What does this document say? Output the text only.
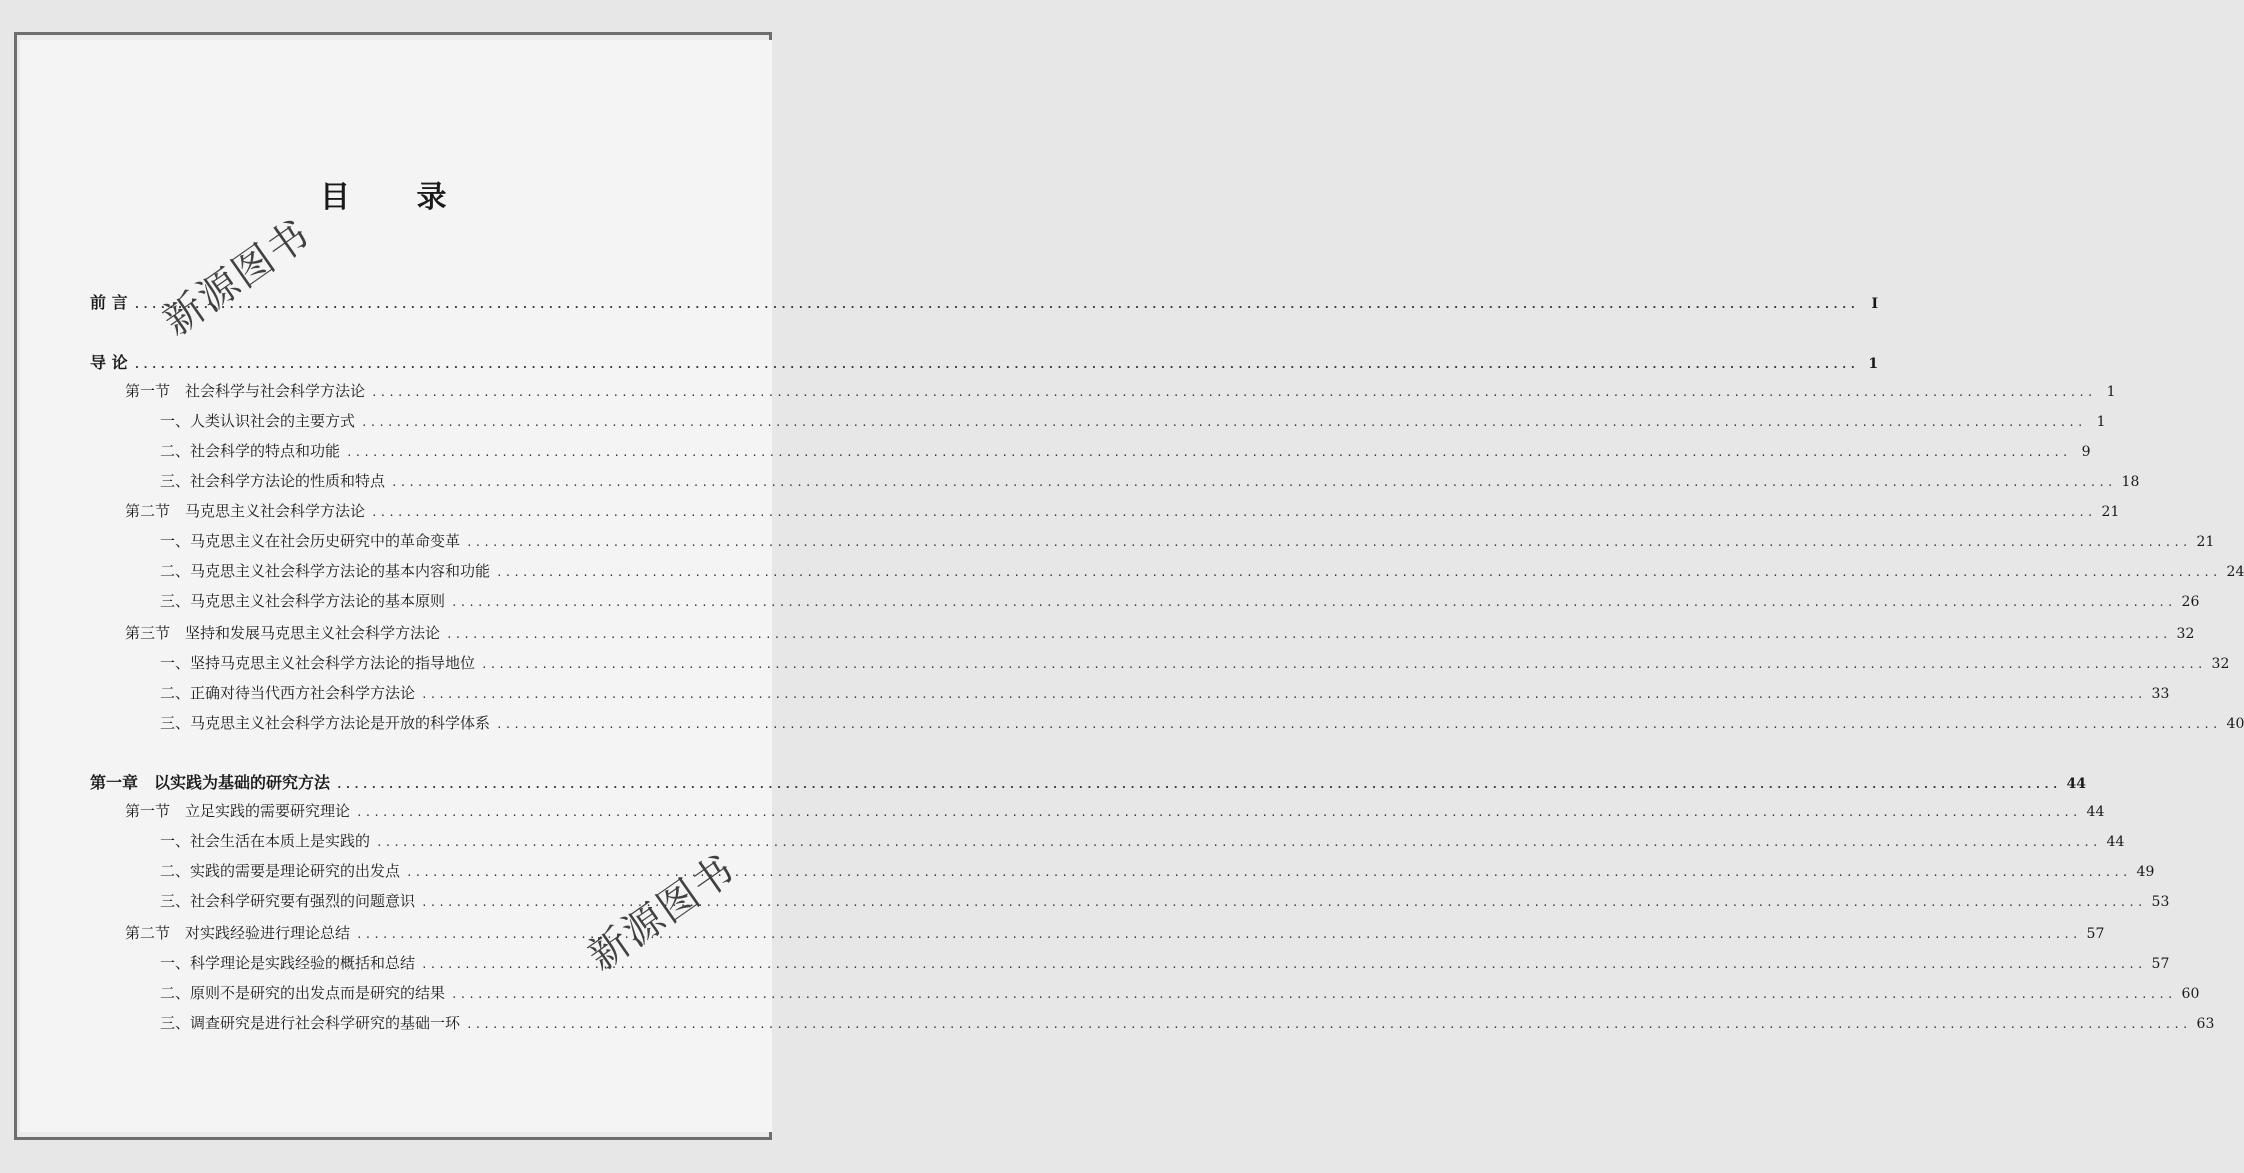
目 录
前 言 ........................................................................................................................................................................................................ Ⅰ
导 论 ........................................................................................................................................................................................................ 1
第一节　社会科学与社会科学方法论 ........................................................................................................................................................................................................ 1
一、人类认识社会的主要方式 ........................................................................................................................................................................................................ 1
二、社会科学的特点和功能 ........................................................................................................................................................................................................ 9
三、社会科学方法论的性质和特点 ........................................................................................................................................................................................................ 18
第二节　马克思主义社会科学方法论 ........................................................................................................................................................................................................ 21
一、马克思主义在社会历史研究中的革命变革 ........................................................................................................................................................................................................ 21
二、马克思主义社会科学方法论的基本内容和功能 ........................................................................................................................................................................................................ 24
三、马克思主义社会科学方法论的基本原则 ........................................................................................................................................................................................................ 26
第三节　坚持和发展马克思主义社会科学方法论 ........................................................................................................................................................................................................ 32
一、坚持马克思主义社会科学方法论的指导地位 ........................................................................................................................................................................................................ 32
二、正确对待当代西方社会科学方法论 ........................................................................................................................................................................................................ 33
三、马克思主义社会科学方法论是开放的科学体系 ........................................................................................................................................................................................................ 40
第一章　以实践为基础的研究方法 ........................................................................................................................................................................................................ 44
第一节　立足实践的需要研究理论 ........................................................................................................................................................................................................ 44
一、社会生活在本质上是实践的 ........................................................................................................................................................................................................ 44
二、实践的需要是理论研究的出发点 ........................................................................................................................................................................................................ 49
三、社会科学研究要有强烈的问题意识 ........................................................................................................................................................................................................ 53
第二节　对实践经验进行理论总结 ........................................................................................................................................................................................................ 57
一、科学理论是实践经验的概括和总结 ........................................................................................................................................................................................................ 57
二、原则不是研究的出发点而是研究的结果 ........................................................................................................................................................................................................ 60
三、调查研究是进行社会科学研究的基础一环 ........................................................................................................................................................................................................ 63
新源图书
新源图书
